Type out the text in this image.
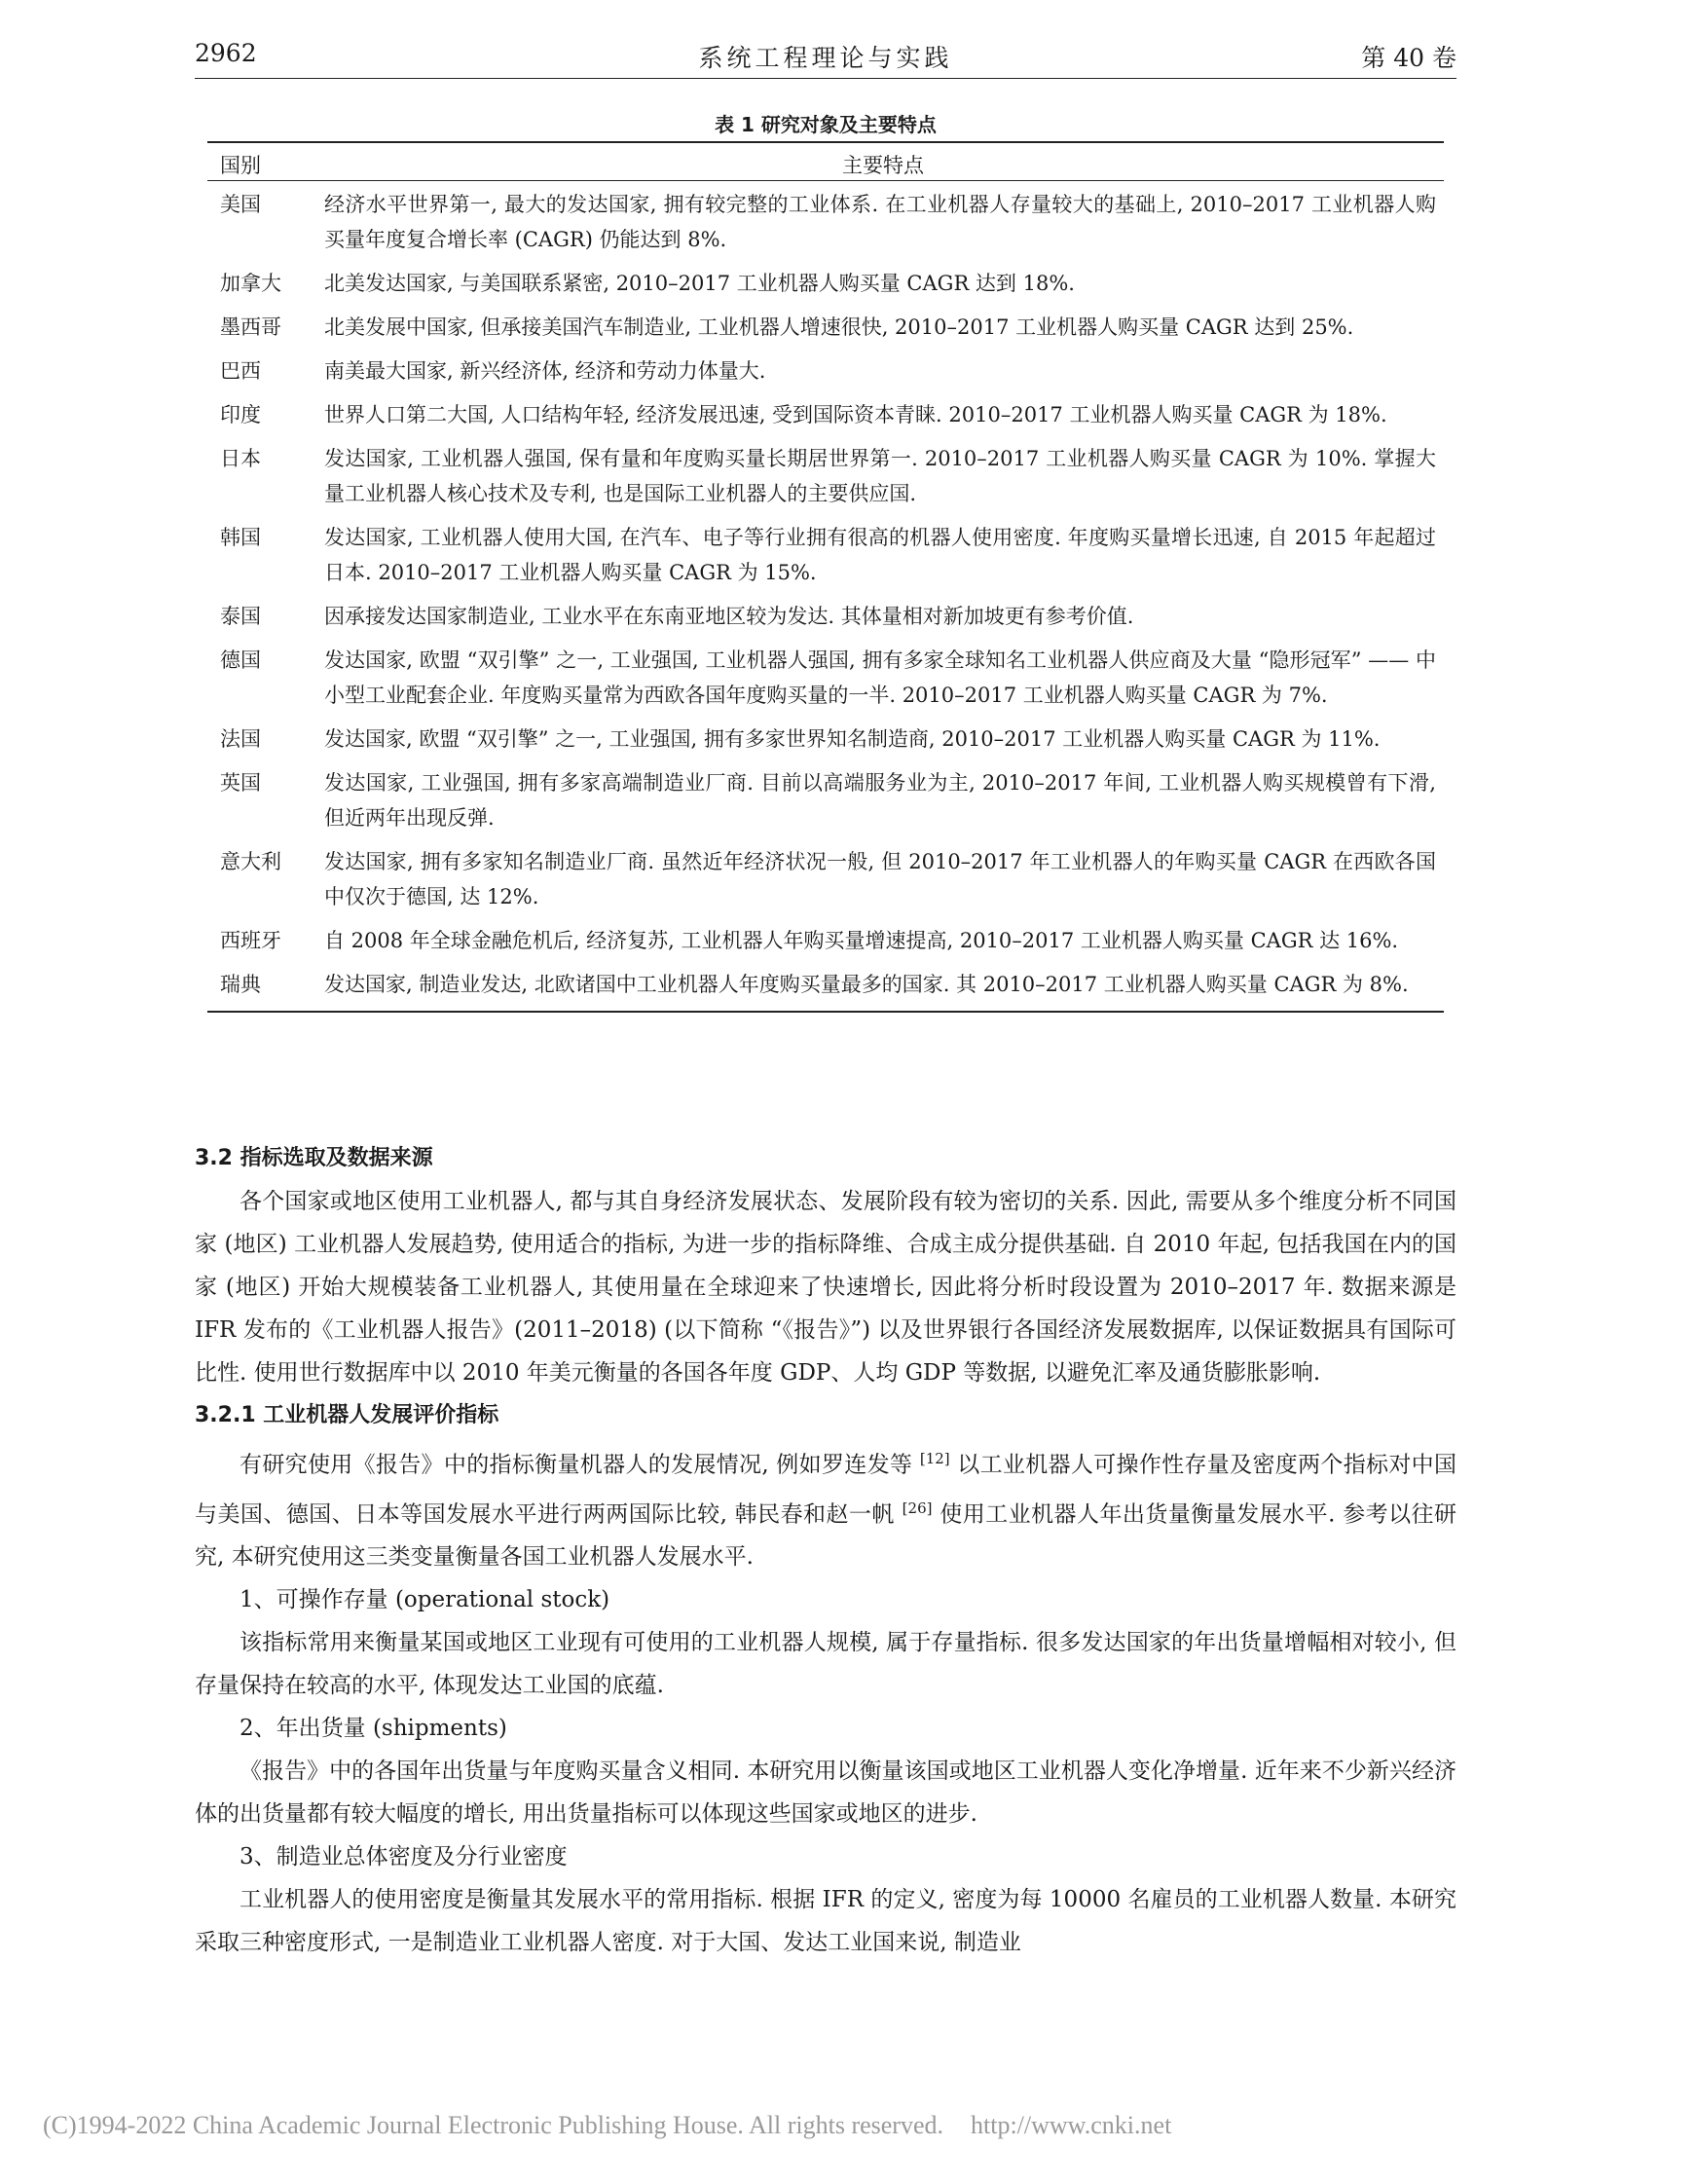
2962	系统工程理论与实践	第 40 卷
表 1 研究对象及主要特点
国别	主要特点
美国	经济水平世界第一, 最大的发达国家, 拥有较完整的工业体系. 在工业机器人存量较大的基础上, 2010–2017 工业机器人购买量年度复合增长率 (CAGR) 仍能达到 8%.
加拿大 北美发达国家, 与美国联系紧密, 2010–2017 工业机器人购买量 CAGR 达到 18%.
墨西哥 北美发展中国家, 但承接美国汽车制造业, 工业机器人增速很快, 2010–2017 工业机器人购买量 CAGR 达到 25%.
巴西	南美最大国家, 新兴经济体, 经济和劳动力体量大.
印度	世界人口第二大国, 人口结构年轻, 经济发展迅速, 受到国际资本青睐. 2010–2017 工业机器人购买量 CAGR 为 18%.
日本	发达国家, 工业机器人强国, 保有量和年度购买量长期居世界第一. 2010–2017 工业机器人购买量 CAGR 为 10%. 掌握大量工业机器人核心技术及专利, 也是国际工业机器人的主要供应国.
韩国	发达国家, 工业机器人使用大国, 在汽车、电子等行业拥有很高的机器人使用密度. 年度购买量增长迅速, 自 2015 年起超过日本. 2010–2017 工业机器人购买量 CAGR 为 15%.
泰国	因承接发达国家制造业, 工业水平在东南亚地区较为发达. 其体量相对新加坡更有参考价值.
德国	发达国家, 欧盟 “双引擎” 之一, 工业强国, 工业机器人强国, 拥有多家全球知名工业机器人供应商及大量 “隐形冠军” —— 中小型工业配套企业. 年度购买量常为西欧各国年度购买量的一半. 2010–2017 工业机器人购买量 CAGR 为 7%.
法国	发达国家, 欧盟 “双引擎” 之一, 工业强国, 拥有多家世界知名制造商, 2010–2017 工业机器人购买量 CAGR 为 11%.
英国	发达国家, 工业强国, 拥有多家高端制造业厂商. 目前以高端服务业为主, 2010–2017 年间, 工业机器人购买规模曾有下滑, 但近两年出现反弹.
意大利 发达国家, 拥有多家知名制造业厂商. 虽然近年经济状况一般, 但 2010–2017 年工业机器人的年购买量 CAGR 在西欧各国中仅次于德国, 达 12%.
西班牙 自 2008 年全球金融危机后, 经济复苏, 工业机器人年购买量增速提高, 2010–2017 工业机器人购买量 CAGR 达 16%.
瑞典	发达国家, 制造业发达, 北欧诸国中工业机器人年度购买量最多的国家. 其 2010–2017 工业机器人购买量 CAGR 为 8%.

3.2 指标选取及数据来源

各个国家或地区使用工业机器人, 都与其自身经济发展状态、发展阶段有较为密切的关系. 因此, 需要从多个维度分析不同国家 (地区) 工业机器人发展趋势, 使用适合的指标, 为进一步的指标降维、合成主成分提供基础. 自 2010 年起, 包括我国在内的国家 (地区) 开始大规模装备工业机器人, 其使用量在全球迎来了快速增长, 因此将分析时段设置为 2010–2017 年. 数据来源是 IFR 发布的《工业机器人报告》(2011–2018) (以下简称 “《报告》”) 以及世界银行各国经济发展数据库, 以保证数据具有国际可比性. 使用世行数据库中以 2010 年美元衡量的各国各年度 GDP、人均 GDP 等数据, 以避免汇率及通货膨胀影响.

3.2.1 工业机器人发展评价指标

有研究使用《报告》中的指标衡量机器人的发展情况, 例如罗连发等 [12] 以工业机器人可操作性存量及密度两个指标对中国与美国、德国、日本等国发展水平进行两两国际比较, 韩民春和赵一帆 [26] 使用工业机器人年出货量衡量发展水平. 参考以往研究, 本研究使用这三类变量衡量各国工业机器人发展水平.

1、可操作存量 (operational stock)

该指标常用来衡量某国或地区工业现有可使用的工业机器人规模, 属于存量指标. 很多发达国家的年出货量增幅相对较小, 但存量保持在较高的水平, 体现发达工业国的底蕴.

2、年出货量 (shipments)

《报告》中的各国年出货量与年度购买量含义相同. 本研究用以衡量该国或地区工业机器人变化净增量. 近年来不少新兴经济体的出货量都有较大幅度的增长, 用出货量指标可以体现这些国家或地区的进步.

3、制造业总体密度及分行业密度

工业机器人的使用密度是衡量其发展水平的常用指标. 根据 IFR 的定义, 密度为每 10000 名雇员的工业机器人数量. 本研究采取三种密度形式, 一是制造业工业机器人密度. 对于大国、发达工业国来说, 制造业

(C)1994-2022 China Academic Journal Electronic Publishing House. All rights reserved. http://www.cnki.net
